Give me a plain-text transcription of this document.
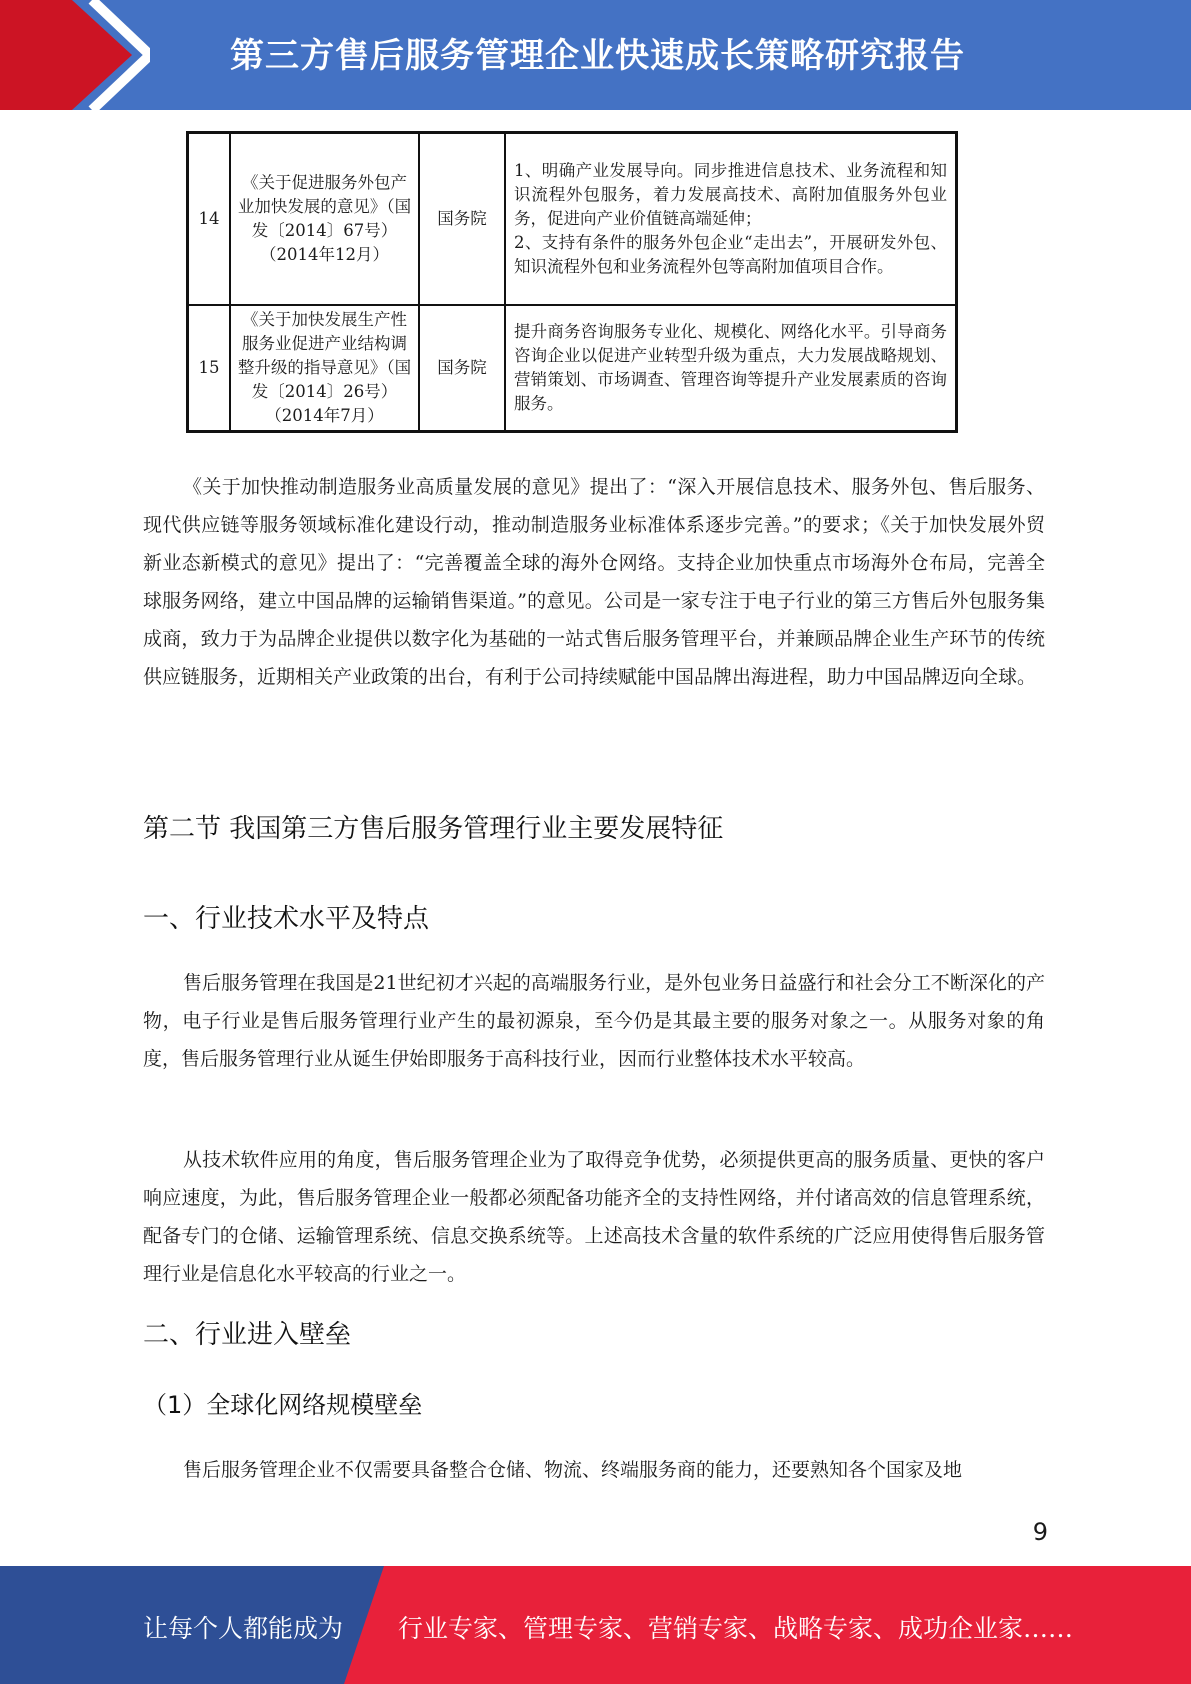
第三方售后服务管理企业快速成长策略研究报告
14	《关于促进服务外包产业加快发展的意见》（国发〔2014〕67号）（2014年12月）	国务院	1、明确产业发展导向。同步推进信息技术、业务流程和知识流程外包服务，着力发展高技术、高附加值服务外包业务，促进向产业价值链高端延伸；
2、支持有条件的服务外包企业“走出去”，开展研发外包、知识流程外包和业务流程外包等高附加值项目合作。
15	《关于加快发展生产性服务业促进产业结构调整升级的指导意见》（国发〔2014〕26号）（2014年7月）	国务院	提升商务咨询服务专业化、规模化、网络化水平。引导商务咨询企业以促进产业转型升级为重点，大力发展战略规划、营销策划、市场调查、管理咨询等提升产业发展素质的咨询服务。

《关于加快推动制造服务业高质量发展的意见》提出了：“深入开展信息技术、服务外包、售后服务、现代供应链等服务领域标准化建设行动，推动制造服务业标准体系逐步完善。”的要求；《关于加快发展外贸新业态新模式的意见》提出了：“完善覆盖全球的海外仓网络。支持企业加快重点市场海外仓布局，完善全球服务网络，建立中国品牌的运输销售渠道。”的意见。公司是一家专注于电子行业的第三方售后外包服务集成商，致力于为品牌企业提供以数字化为基础的一站式售后服务管理平台，并兼顾品牌企业生产环节的传统供应链服务，近期相关产业政策的出台，有利于公司持续赋能中国品牌出海进程，助力中国品牌迈向全球。

第二节 我国第三方售后服务管理行业主要发展特征
一、行业技术水平及特点

售后服务管理在我国是21世纪初才兴起的高端服务行业，是外包业务日益盛行和社会分工不断深化的产物，电子行业是售后服务管理行业产生的最初源泉，至今仍是其最主要的服务对象之一。从服务对象的角度，售后服务管理行业从诞生伊始即服务于高科技行业，因而行业整体技术水平较高。

从技术软件应用的角度，售后服务管理企业为了取得竞争优势，必须提供更高的服务质量、更快的客户响应速度，为此，售后服务管理企业一般都必须配备功能齐全的支持性网络，并付诸高效的信息管理系统，配备专门的仓储、运输管理系统、信息交换系统等。上述高技术含量的软件系统的广泛应用使得售后服务管理行业是信息化水平较高的行业之一。

二、行业进入壁垒
（1）全球化网络规模壁垒

售后服务管理企业不仅需要具备整合仓储、物流、终端服务商的能力，还要熟知各个国家及地

9
让每个人都能成为 行业专家、管理专家、营销专家、战略专家、成功企业家……
